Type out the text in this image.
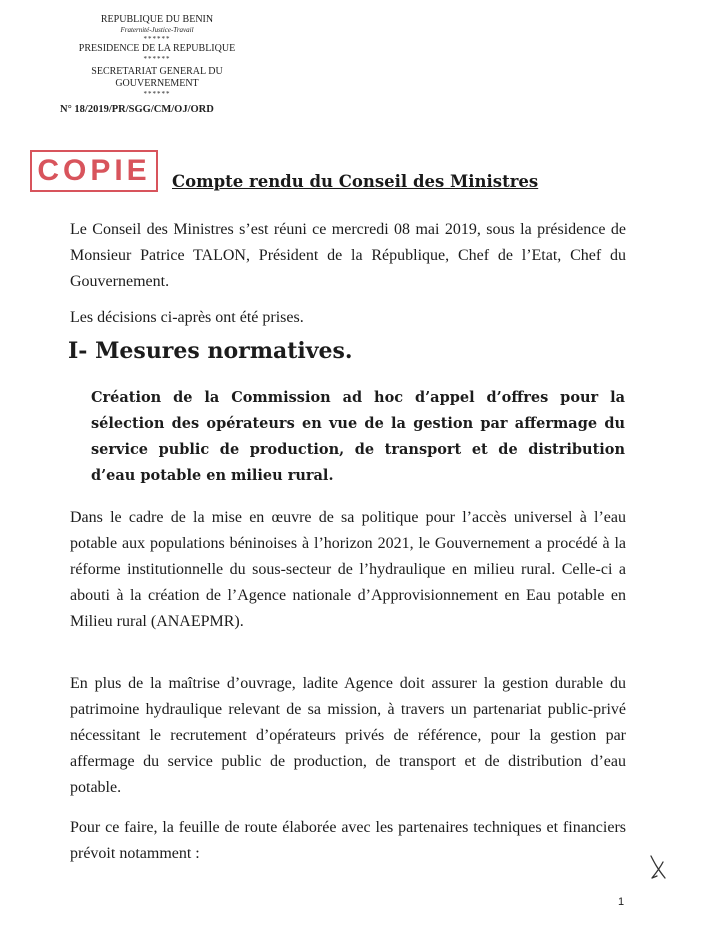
REPUBLIQUE DU BENIN
Fraternité-Justice-Travail
******
PRESIDENCE DE LA REPUBLIQUE
******
SECRETARIAT GENERAL DU
GOUVERNEMENT
******
N° 18/2019/PR/SGG/CM/OJ/ORD
COPIE	Compte rendu du Conseil des Ministres

Le Conseil des Ministres s’est réuni ce mercredi 08 mai 2019, sous la présidence de Monsieur Patrice TALON, Président de la République, Chef de l’Etat, Chef du Gouvernement.

Les décisions ci-après ont été prises.

I- Mesures normatives.

Création de la Commission ad hoc d’appel d’offres pour la sélection des opérateurs en vue de la gestion par affermage du service public de production, de transport et de distribution d’eau potable en milieu rural.

Dans le cadre de la mise en œuvre de sa politique pour l’accès universel à l’eau potable aux populations béninoises à l’horizon 2021, le Gouvernement a procédé à la réforme institutionnelle du sous-secteur de l’hydraulique en milieu rural. Celle-ci a abouti à la création de l’Agence nationale d’Approvisionnement en Eau potable en Milieu rural (ANAEPMR).

En plus de la maîtrise d’ouvrage, ladite Agence doit assurer la gestion durable du patrimoine hydraulique relevant de sa mission, à travers un partenariat public-privé nécessitant le recrutement d’opérateurs privés de référence, pour la gestion par affermage du service public de production, de transport et de distribution d’eau potable.

Pour ce faire, la feuille de route élaborée avec les partenaires techniques et financiers prévoit notamment :

1
